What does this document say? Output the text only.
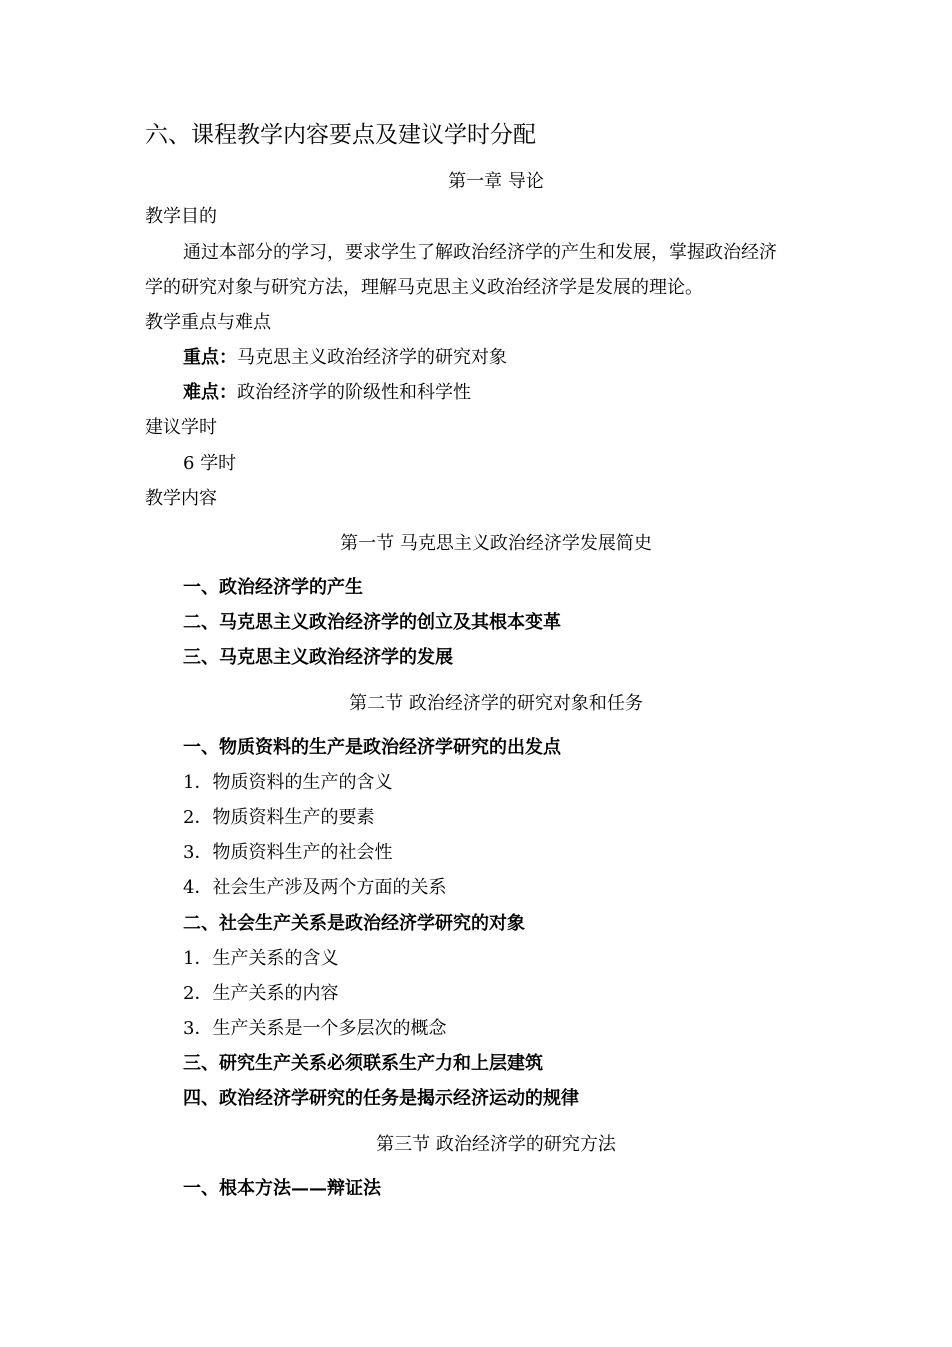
六、课程教学内容要点及建议学时分配
第一章 导论
教学目的
通过本部分的学习，要求学生了解政治经济学的产生和发展，掌握政治经济
学的研究对象与研究方法，理解马克思主义政治经济学是发展的理论。
教学重点与难点
重点：马克思主义政治经济学的研究对象
难点：政治经济学的阶级性和科学性
建议学时
6 学时
教学内容
第一节 马克思主义政治经济学发展简史
一、政治经济学的产生
二、马克思主义政治经济学的创立及其根本变革
三、马克思主义政治经济学的发展
第二节 政治经济学的研究对象和任务
一、物质资料的生产是政治经济学研究的出发点
1．物质资料的生产的含义
2．物质资料生产的要素
3．物质资料生产的社会性
4．社会生产涉及两个方面的关系
二、社会生产关系是政治经济学研究的对象
1．生产关系的含义
2．生产关系的内容
3．生产关系是一个多层次的概念
三、研究生产关系必须联系生产力和上层建筑
四、政治经济学研究的任务是揭示经济运动的规律
第三节 政治经济学的研究方法
一、根本方法——辩证法
